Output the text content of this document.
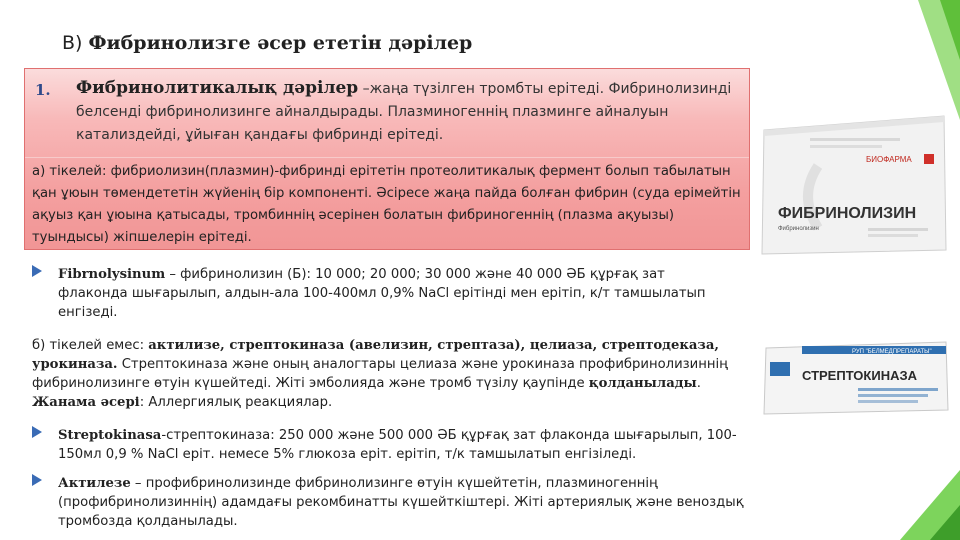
В) Фибринолизге әсер ететін дәрілер
1. Фибринолитикалық дәрілер –жаңа түзілген тромбты ерітеді. Фибринолизинді белсенді фибринолизинге айналдырады. Плазминогеннің плазминге айналуын катализдейді, ұйыған қандағы фибринді ерітеді.
а) тікелей: фибриолизин(плазмин)-фибринді ерітетін протеолитикалық фермент болып табылатын қан ұюын төмендететін жүйенің бір компоненті. Әсіресе жаңа пайда болған фибрин (суда ерімейтін ақуыз қан ұюына қатысады, тромбиннің әсерінен болатын фибриногеннің (плазма ақуызы) туындысы) жіпшелерін ерітеді.
Fibrnolysinum – фибринолизин (Б): 10 000; 20 000; 30 000 және 40 000 ӘБ құрғақ зат флаконда шығарылып, алдын-ала 100-400мл 0,9% NaCl ерітінді мен ерітіп, к/т тамшылатып енгізеді.
б) тікелей емес: актилизе, стрептокиназа (авелизин, стрептаза), целиаза, стрептодеказа, урокиназа. Стрептокиназа және оның аналогтары целиаза және урокиназа профибринолизиннің фибринолизинге өтуін күшейтеді. Жіті эмболияда және тромб түзілу қаупінде қолданылады. Жанама әсері: Аллергиялық реакциялар.
Streptokinasa-стрептокиназа: 250 000 және 500 000 ӘБ құрғақ зат флаконда шығарылып, 100- 150мл 0,9 % NaCl еріт. немесе 5% глюкоза еріт. ерітіп, т/к тамшылатып енгізіледі.
Актилезе – профибринолизинде фибринолизинге өтуін күшейтетін, плазминогеннің (профибринолизиннің) адамдағы рекомбинатты күшейткіштері. Жіті артериялық және веноздық тромбозда қолданылады.
БИОФАРМА
ФИБРИНОЛИЗИН
Фибринолизин
РУП "БЕЛМЕДПРЕПАРАТЫ"
СТРЕПТОКИНАЗА
